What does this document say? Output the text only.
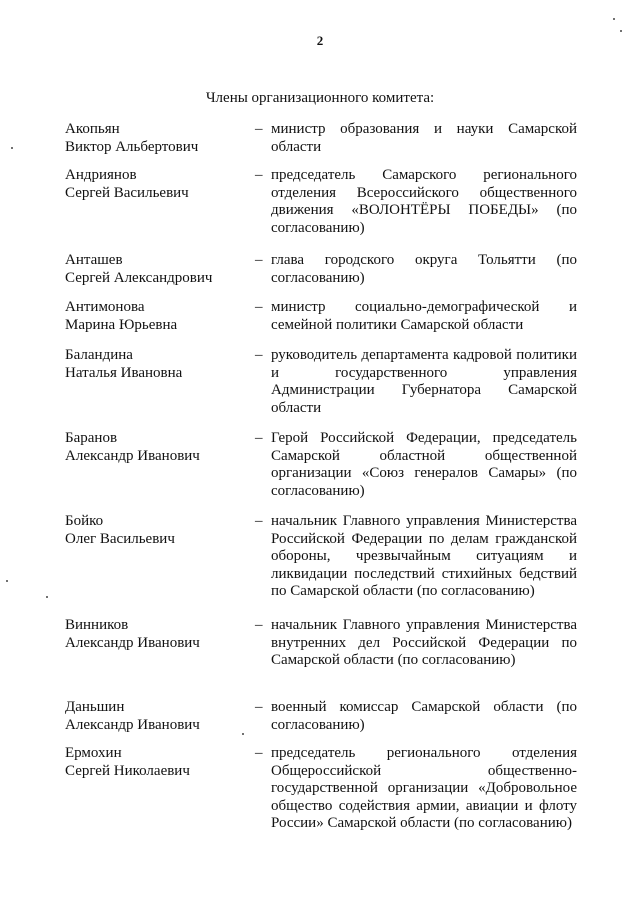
2
Члены организационного комитета:
Акопьян
Виктор Альбертович
– министр образования и науки Самарской области
Андриянов
Сергей Васильевич
– председатель Самарского регионального отделения Всероссийского общественного движения «ВОЛОНТЁРЫ ПОБЕДЫ» (по согласованию)
Анташев
Сергей Александрович
– глава городского округа Тольятти (по согласованию)
Антимонова
Марина Юрьевна
– министр социально-демографической и семейной политики Самарской области
Баландина
Наталья Ивановна
– руководитель департамента кадровой политики и государственного управления Администрации Губернатора Самарской области
Баранов
Александр Иванович
– Герой Российской Федерации, председатель Самарской областной общественной организации «Союз генералов Самары» (по согласованию)
Бойко
Олег Васильевич
– начальник Главного управления Министерства Российской Федерации по делам гражданской обороны, чрезвычайным ситуациям и ликвидации последствий стихийных бедствий по Самарской области (по согласованию)
Винников
Александр Иванович
– начальник Главного управления Министерства внутренних дел Российской Федерации по Самарской области (по согласованию)
Даньшин
Александр Иванович
– военный комиссар Самарской области (по согласованию)
Ермохин
Сергей Николаевич
– председатель регионального отделения Общероссийской общественно-государственной организации «Добровольное общество содействия армии, авиации и флоту России» Самарской области (по согласованию)
